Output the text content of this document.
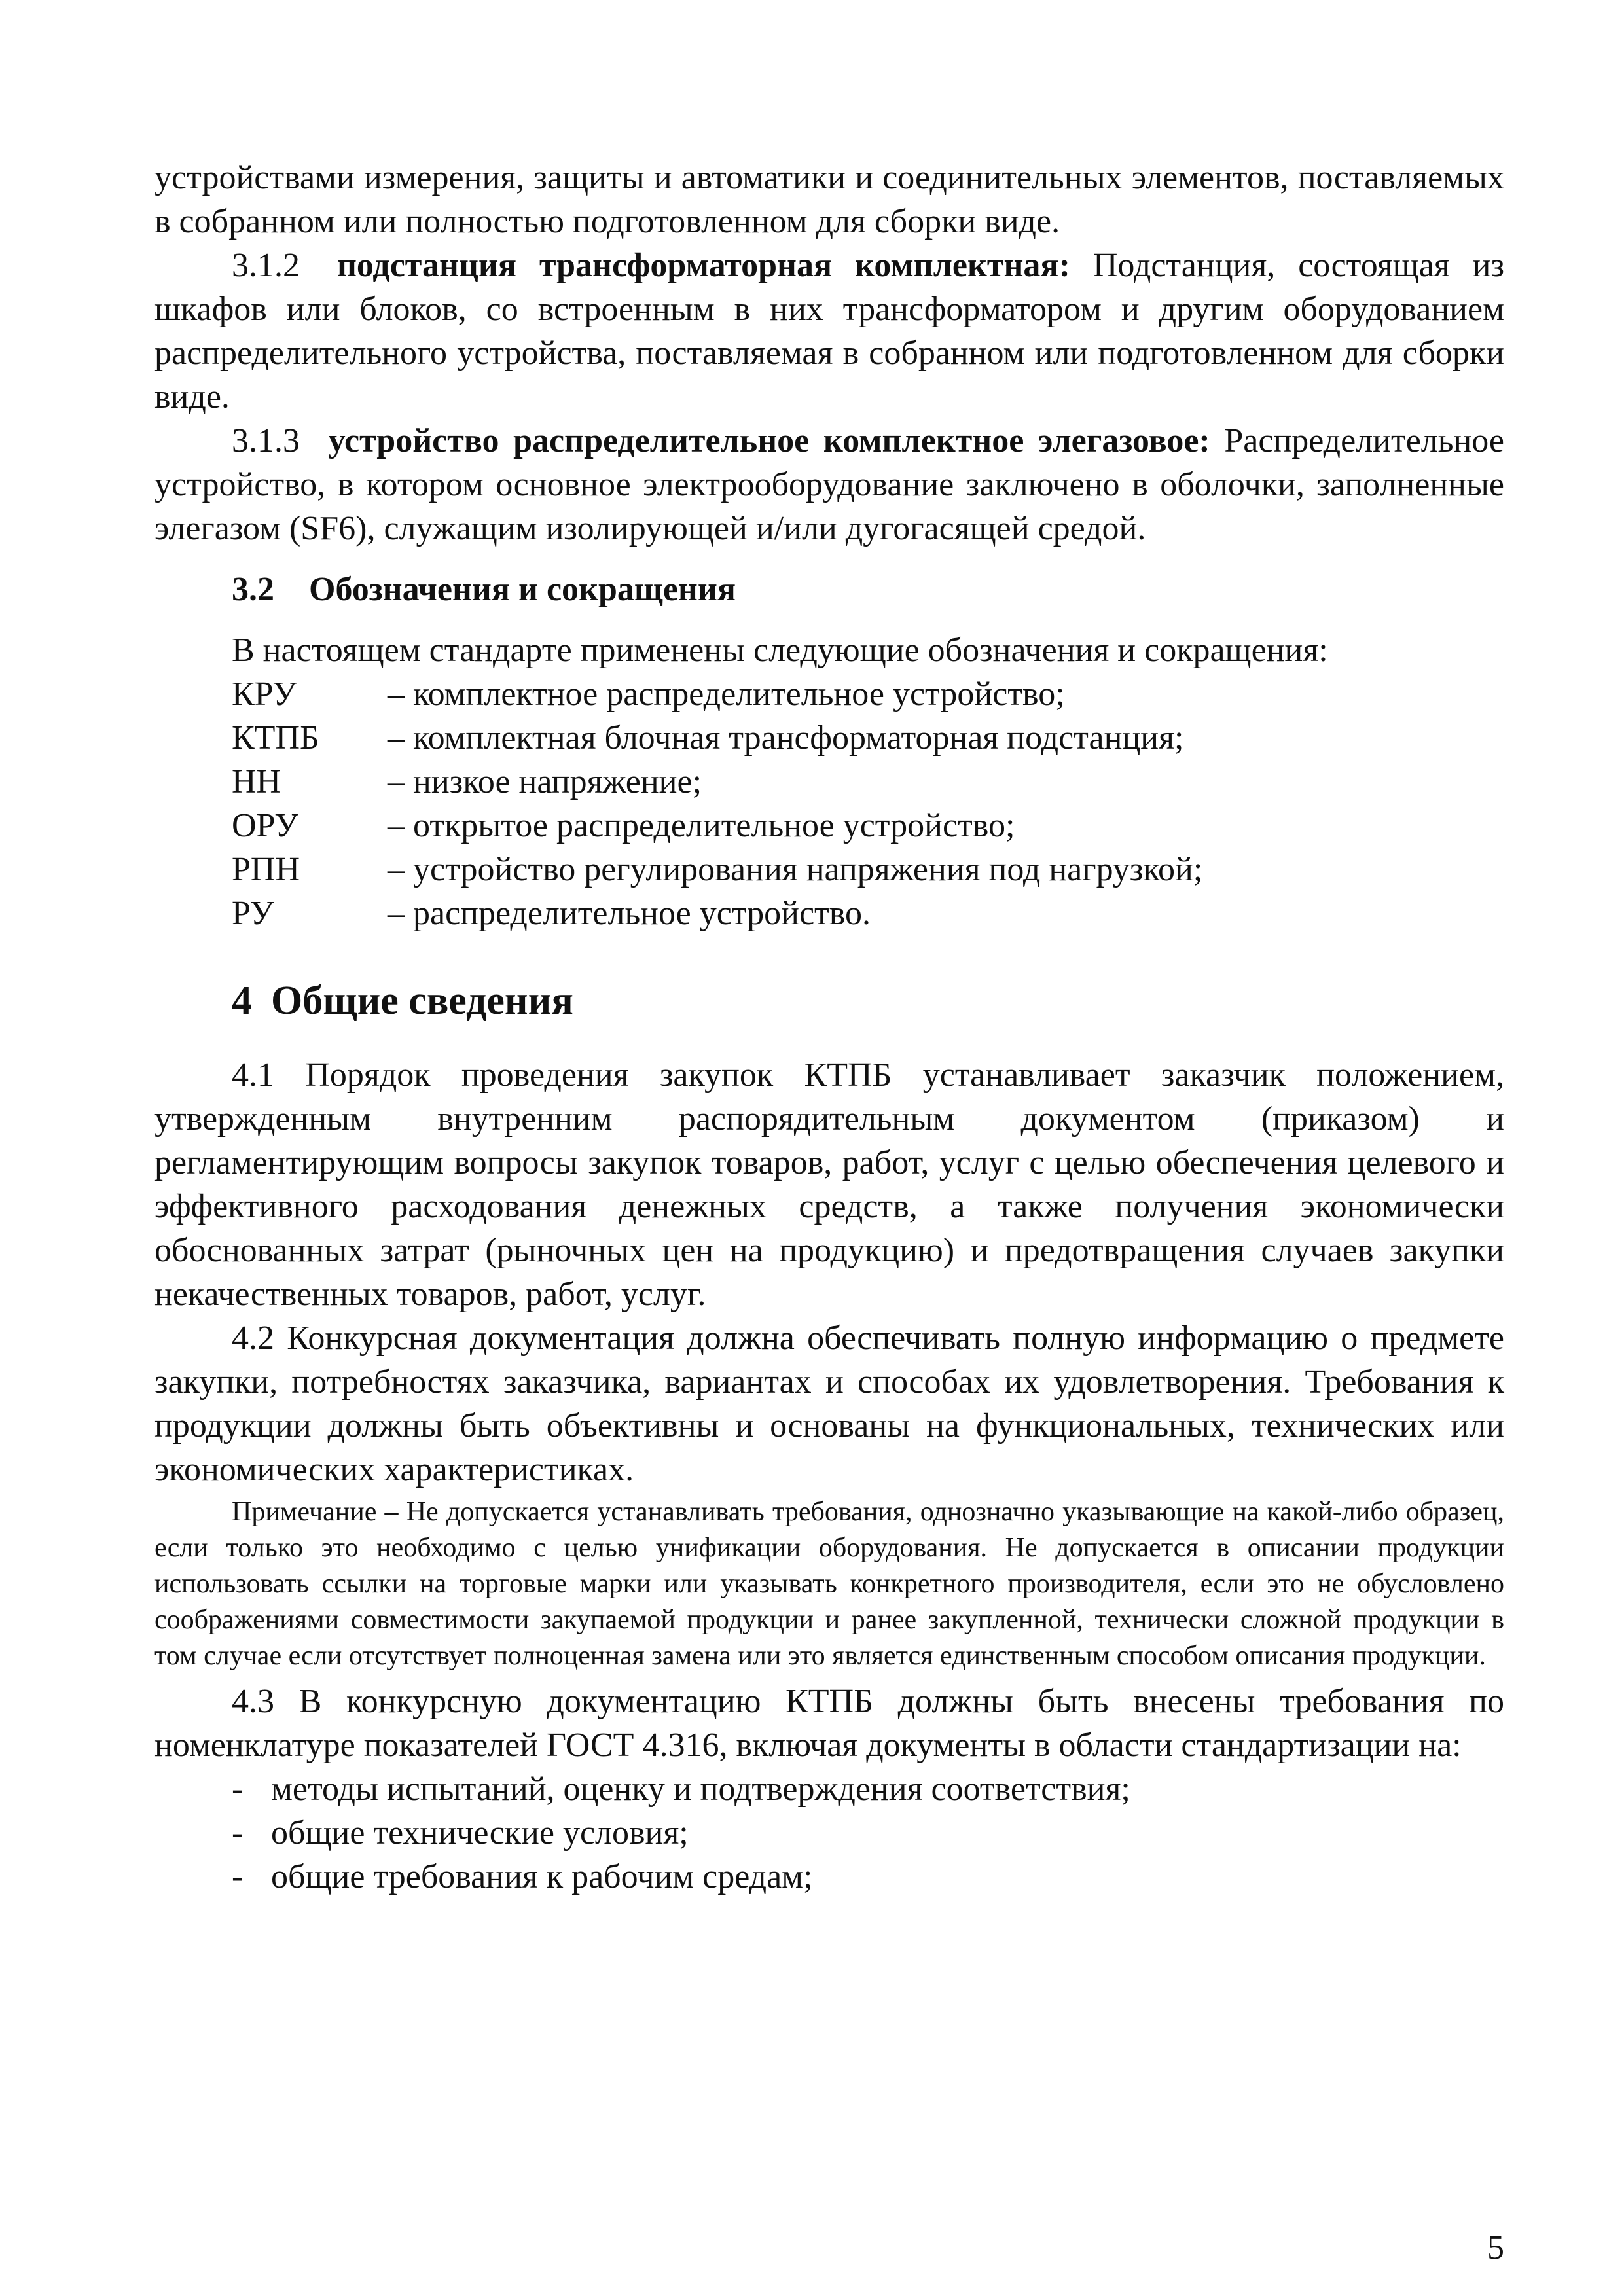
устройствами измерения, защиты и автоматики и соединительных элементов, поставляемых в собранном или полностью подготовленном для сборки виде.

3.1.2 подстанция трансформаторная комплектная: Подстанция, состоящая из шкафов или блоков, со встроенным в них трансформатором и другим оборудованием распределительного устройства, поставляемая в собранном или подготовленном для сборки виде.

3.1.3 устройство распределительное комплектное элегазовое: Распределительное устройство, в котором основное электрооборудование заключено в оболочки, заполненные элегазом (SF6), служащим изолирующей и/или дугогасящей средой.

3.2 Обозначения и сокращения

В настоящем стандарте применены следующие обозначения и сокращения:

КРУ	– комплектное распределительное устройство;
КТПБ	– комплектная блочная трансформаторная подстанция;
НН	– низкое напряжение;
ОРУ	– открытое распределительное устройство;
РПН	– устройство регулирования напряжения под нагрузкой;
РУ	– распределительное устройство.
4 Общие сведения

4.1 Порядок проведения закупок КТПБ устанавливает заказчик положением, утвержденным внутренним распорядительным документом (приказом) и регламентирующим вопросы закупок товаров, работ, услуг с целью обеспечения целевого и эффективного расходования денежных средств, а также получения экономически обоснованных затрат (рыночных цен на продукцию) и предотвращения случаев закупки некачественных товаров, работ, услуг.

4.2 Конкурсная документация должна обеспечивать полную информацию о предмете закупки, потребностях заказчика, вариантах и способах их удовлетворения. Требования к продукции должны быть объективны и основаны на функциональных, технических или экономических характеристиках.

Примечание – Не допускается устанавливать требования, однозначно указывающие на какой-либо образец, если только это необходимо с целью унификации оборудования. Не допускается в описании продукции использовать ссылки на торговые марки или указывать конкретного производителя, если это не обусловлено соображениями совместимости закупаемой продукции и ранее закупленной, технически сложной продукции в том случае если отсутствует полноценная замена или это является единственным способом описания продукции.

4.3 В конкурсную документацию КТПБ должны быть внесены требования по номенклатуре показателей ГОСТ 4.316, включая документы в области стандартизации на:

- методы испытаний, оценку и подтверждения соответствия;
- общие технические условия;
- общие требования к рабочим средам;
5
